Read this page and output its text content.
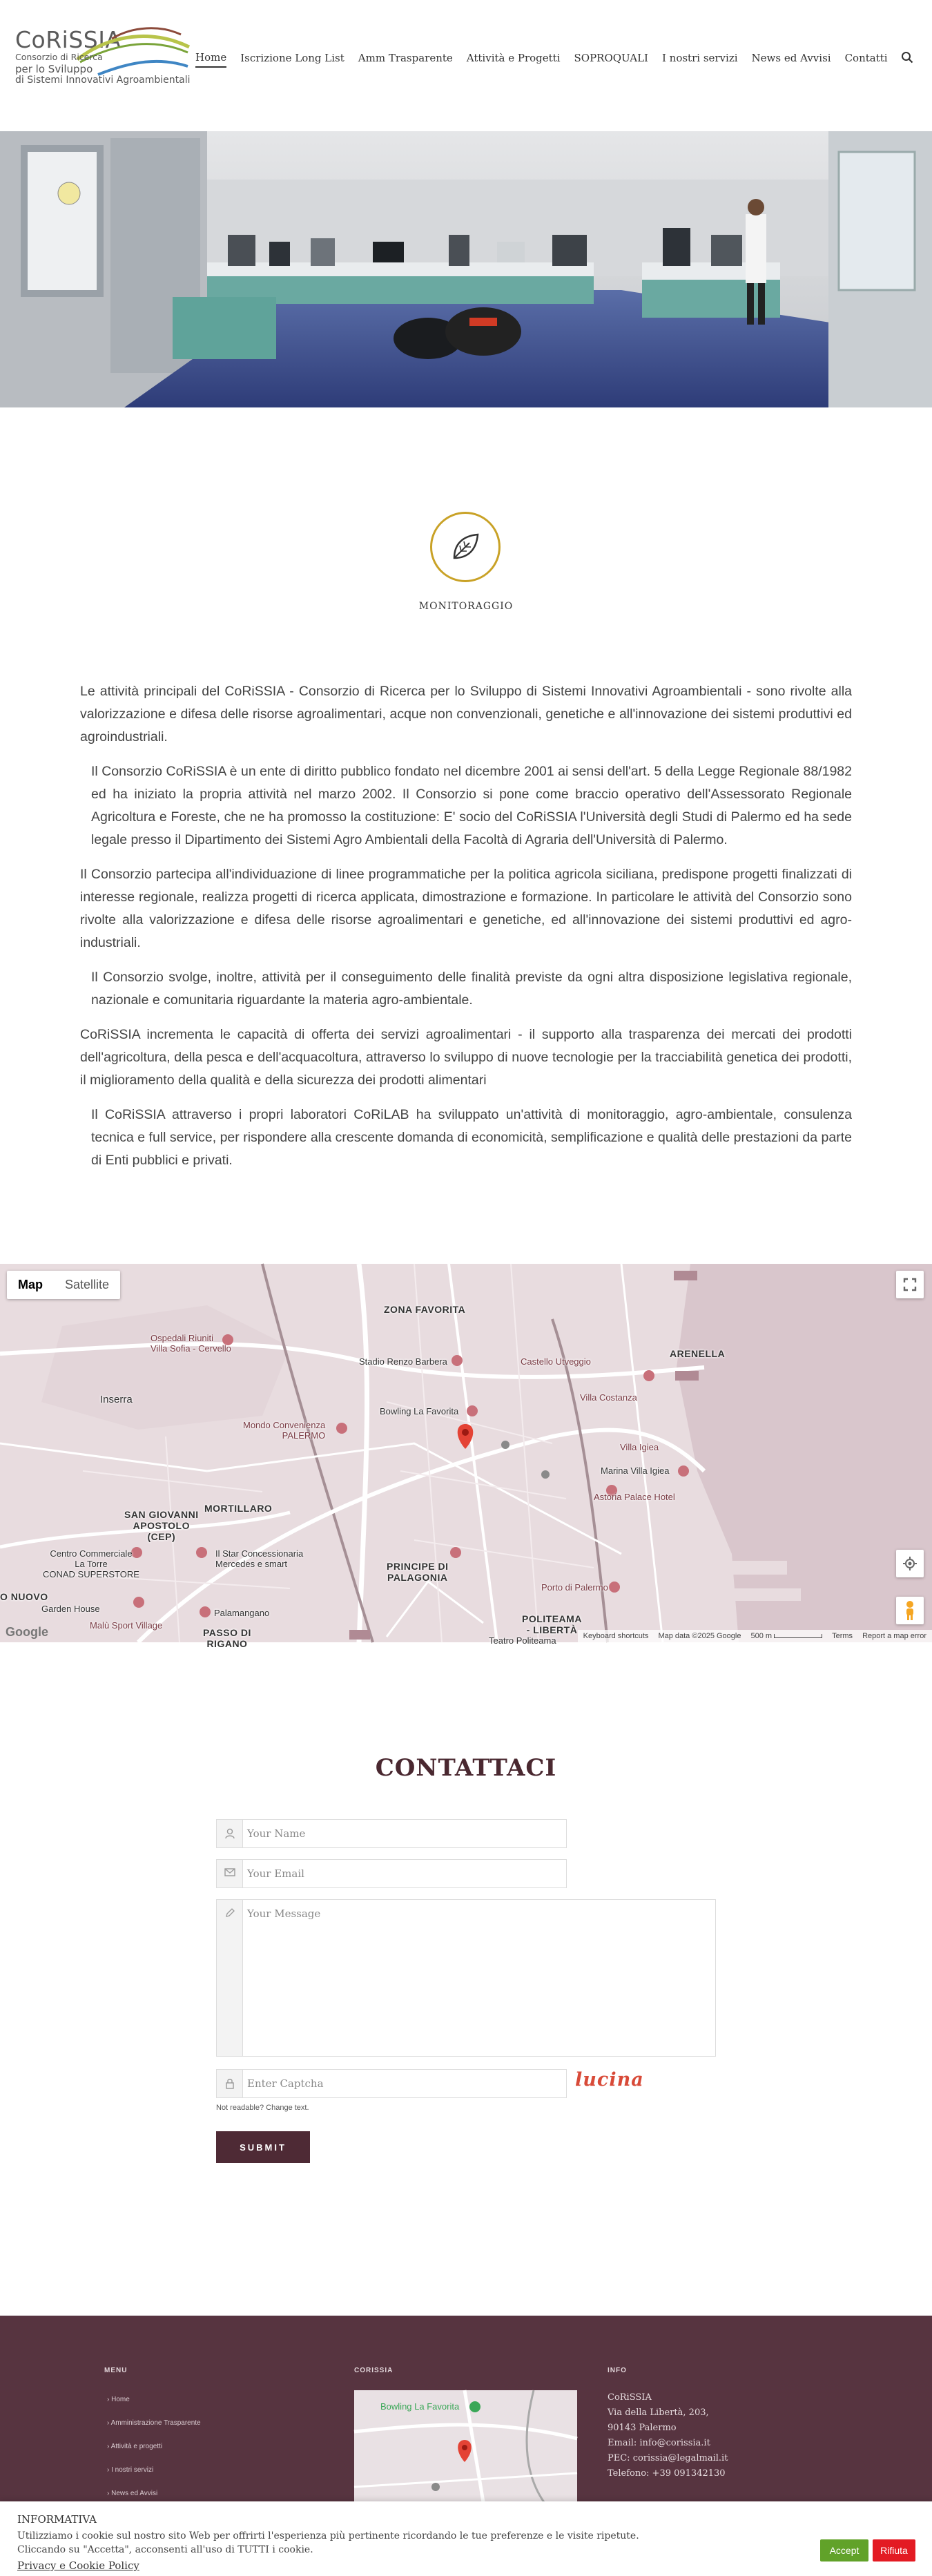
CoRiSSIA
Consorzio di Ricerca
per lo Sviluppo
di Sistemi Innovativi Agroambientali
Home Iscrizione Long List Amm Trasparente Attività e Progetti SOPROQUALI I nostri servizi News ed Avvisi Contatti
MONITORAGGIO

Le attività principali del CoRiSSIA - Consorzio di Ricerca per lo Sviluppo di Sistemi Innovativi Agroambientali - sono rivolte alla valorizzazione e difesa delle risorse agroalimentari, acque non convenzionali, genetiche e all'innovazione dei sistemi produttivi ed agroindustriali.

Il Consorzio CoRiSSIA è un ente di diritto pubblico fondato nel dicembre 2001 ai sensi dell'art. 5 della Legge Regionale 88/1982 ed ha iniziato la propria attività nel marzo 2002. Il Consorzio si pone come braccio operativo dell'Assessorato Regionale Agricoltura e Foreste, che ne ha promosso la costituzione: E' socio del CoRiSSIA l'Università degli Studi di Palermo ed ha sede legale presso il Dipartimento dei Sistemi Agro Ambientali della Facoltà di Agraria dell'Università di Palermo.

Il Consorzio partecipa all'individuazione di linee programmatiche per la politica agricola siciliana, predispone progetti finalizzati di interesse regionale, realizza progetti di ricerca applicata, dimostrazione e formazione. In particolare le attività del Consorzio sono rivolte alla valorizzazione e difesa delle risorse agroalimentari e genetiche, ed all'innovazione dei sistemi produttivi ed agro-industriali.

Il Consorzio svolge, inoltre, attività per il conseguimento delle finalità previste da ogni altra disposizione legislativa regionale, nazionale e comunitaria riguardante la materia agro-ambientale.

CoRiSSIA incrementa le capacità di offerta dei servizi agroalimentari - il supporto alla trasparenza dei mercati dei prodotti dell'agricoltura, della pesca e dell'acquacoltura, attraverso lo sviluppo di nuove tecnologie per la tracciabilità genetica dei prodotti, il miglioramento della qualità e della sicurezza dei prodotti alimentari

Il CoRiSSIA attraverso i propri laboratori CoRiLAB ha sviluppato un'attività di monitoraggio, agro-ambientale, consulenza tecnica e full service, per rispondere alla crescente domanda di economicità, semplificazione e qualità delle prestazioni da parte di Enti pubblici e privati.

Map	Satellite
ZONA FAVORITA
Ospedali Riuniti
Villa Sofia - Cervello
Stadio Renzo Barbera	Castello Utveggio
ARENELLA
Inserra
Bowling La Favorita
Villa Costanza
Mondo Convenienza
PALERMO
Villa Igiea
Marina Villa Igiea
Astoria Palace Hotel
SAN GIOVANNI
APOSTOLO
(CEP)
MORTILLARO
Centro Commerciale
La Torre
CONAD SUPERSTORE
Il Star Concessionaria
Mercedes e smart	PRINCIPE DI
PALAGONIA
Porto di Palermo
O NUOVO
Garden House	Palamangano
Malù Sport Village
PASSO DI
RIGANO
POLITEAMA
- LIBERTÀ
Teatro Politeama
Google	Keyboard shortcuts Map data ©2025 Google 500 m	Terms Report a map error
CONTATTACI
Your Name
Your Email
Your Message
Enter Captcha	lucina
Not readable? Change text.
SUBMIT
MENU
› Home
› Amministrazione Trasparente
› Attività e progetti
› I nostri servizi
› News ed Avvisi
CORISSIA
Bowling La Favorita
INFO
CoRiSSIA
Via della Libertà, 203,
90143 Palermo
Email: info@corissia.it
PEC: corissia@legalmail.it
Telefono: +39 091342130
INFORMATIVA
Utilizziamo i cookie sul nostro sito Web per offrirti l'esperienza più pertinente ricordando le tue preferenze e le visite ripetute. Cliccando su "Accetta", acconsenti all'uso di TUTTI i cookie.
Privacy e Cookie Policy
Accept	Rifiuta
